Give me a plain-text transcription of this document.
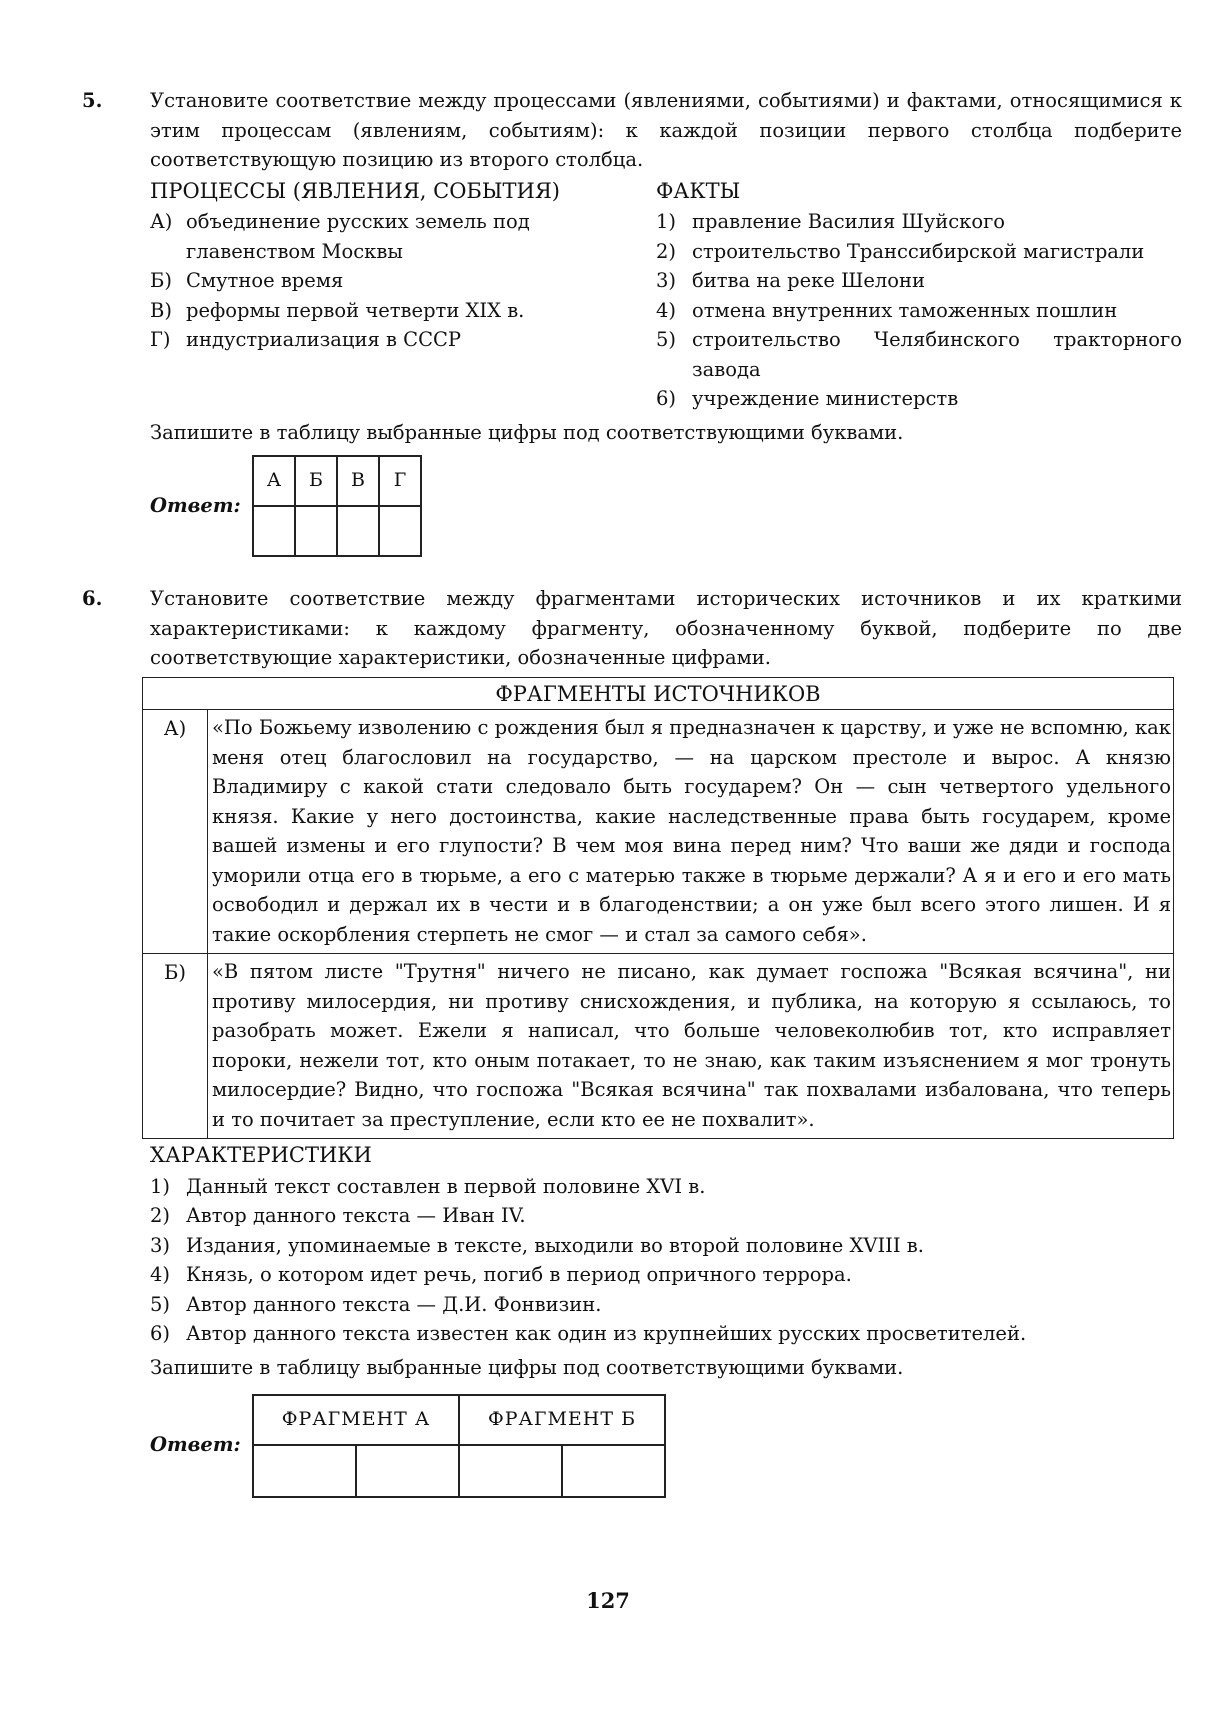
5. Установите соответствие между процессами (явлениями, событиями) и фактами, относящимися к этим процессам (явлениям, событиям): к каждой позиции первого столбца подберите соответствующую позицию из второго столбца.
ПРОЦЕССЫ (ЯВЛЕНИЯ, СОБЫТИЯ)
А) объединение русских земель под главенством Москвы
Б) Смутное время
В) реформы первой четверти XIX в.
Г) индустриализация в СССР
ФАКТЫ
1) правление Василия Шуйского
2) строительство Транссибирской магистрали
3) битва на реке Шелони
4) отмена внутренних таможенных пошлин
5) строительство Челябинского тракторного завода
6) учреждение министерств
Запишите в таблицу выбранные цифры под соответствующими буквами.
Ответ:
А	Б	В	Г

6. Установите соответствие между фрагментами исторических источников и их краткими характеристиками: к каждому фрагменту, обозначенному буквой, подберите по две соответствующие характеристики, обозначенные цифрами.
ФРАГМЕНТЫ ИСТОЧНИКОВ	
А)	«По Божьему изволению с рождения был я предназначен к царству, и уже не вспомню, как меня отец благословил на государство, — на царском престоле и вырос. А князю Владимиру с какой стати следовало быть государем? Он — сын четвертого удельного князя. Какие у него достоинства, какие наследственные права быть государем, кроме вашей измены и его глупости? В чем моя вина перед ним? Что ваши же дяди и господа уморили отца его в тюрьме, а его с матерью также в тюрьме держали? А я и его и его мать освободил и держал их в чести и в благоденствии; а он уже был всего этого лишен. И я такие оскорбления стерпеть не смог — и стал за самого себя».
Б)	«В пятом листе "Трутня" ничего не писано, как думает госпожа "Всякая всячина", ни противу милосердия, ни противу снисхождения, и публика, на которую я ссылаюсь, то разобрать может. Ежели я написал, что больше человеколюбив тот, кто исправляет пороки, нежели тот, кто оным потакает, то не знаю, как таким изъяснением я мог тронуть милосердие? Видно, что госпожа "Всякая всячина" так похвалами избалована, что теперь и то почитает за преступление, если кто ее не похвалит».
ХАРАКТЕРИСТИКИ
1) Данный текст составлен в первой половине XVI в.
2) Автор данного текста — Иван IV.
3) Издания, упоминаемые в тексте, выходили во второй половине XVIII в.
4) Князь, о котором идет речь, погиб в период опричного террора.
5) Автор данного текста — Д.И. Фонвизин.
6) Автор данного текста известен как один из крупнейших русских просветителей.
Запишите в таблицу выбранные цифры под соответствующими буквами.
Ответ:
ФРАГМЕНТ А		ФРАГМЕНТ Б	

127
